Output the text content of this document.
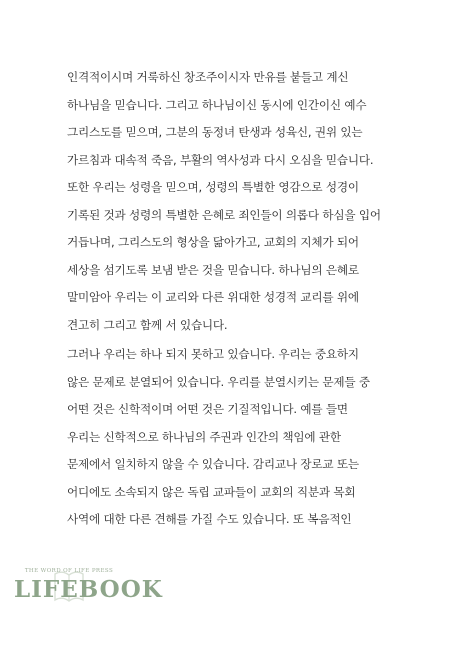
인격적이시며 거룩하신 창조주이시자 만유를 붙들고 계신
하나님을 믿습니다. 그리고 하나님이신 동시에 인간이신 예수
그리스도를 믿으며, 그분의 동정녀 탄생과 성육신, 권위 있는
가르침과 대속적 죽음, 부활의 역사성과 다시 오심을 믿습니다.
또한 우리는 성령을 믿으며, 성령의 특별한 영감으로 성경이
기록된 것과 성령의 특별한 은혜로 죄인들이 의롭다 하심을 입어
거듭나며, 그리스도의 형상을 닮아가고, 교회의 지체가 되어
세상을 섬기도록 보냄 받은 것을 믿습니다. 하나님의 은혜로
말미암아 우리는 이 교리와 다른 위대한 성경적 교리를 위에
견고히 그리고 함께 서 있습니다.
그러나 우리는 하나 되지 못하고 있습니다. 우리는 중요하지
않은 문제로 분열되어 있습니다. 우리를 분열시키는 문제들 중
어떤 것은 신학적이며 어떤 것은 기질적입니다. 예를 들면
우리는 신학적으로 하나님의 주권과 인간의 책임에 관한
문제에서 일치하지 않을 수 있습니다. 감리교나 장로교 또는
어디에도 소속되지 않은 독립 교파들이 교회의 직분과 목회
사역에 대한 다른 견해를 가질 수도 있습니다. 또 복음적인
THE WORD OF LIFE PRESS
LIFEBOOK
